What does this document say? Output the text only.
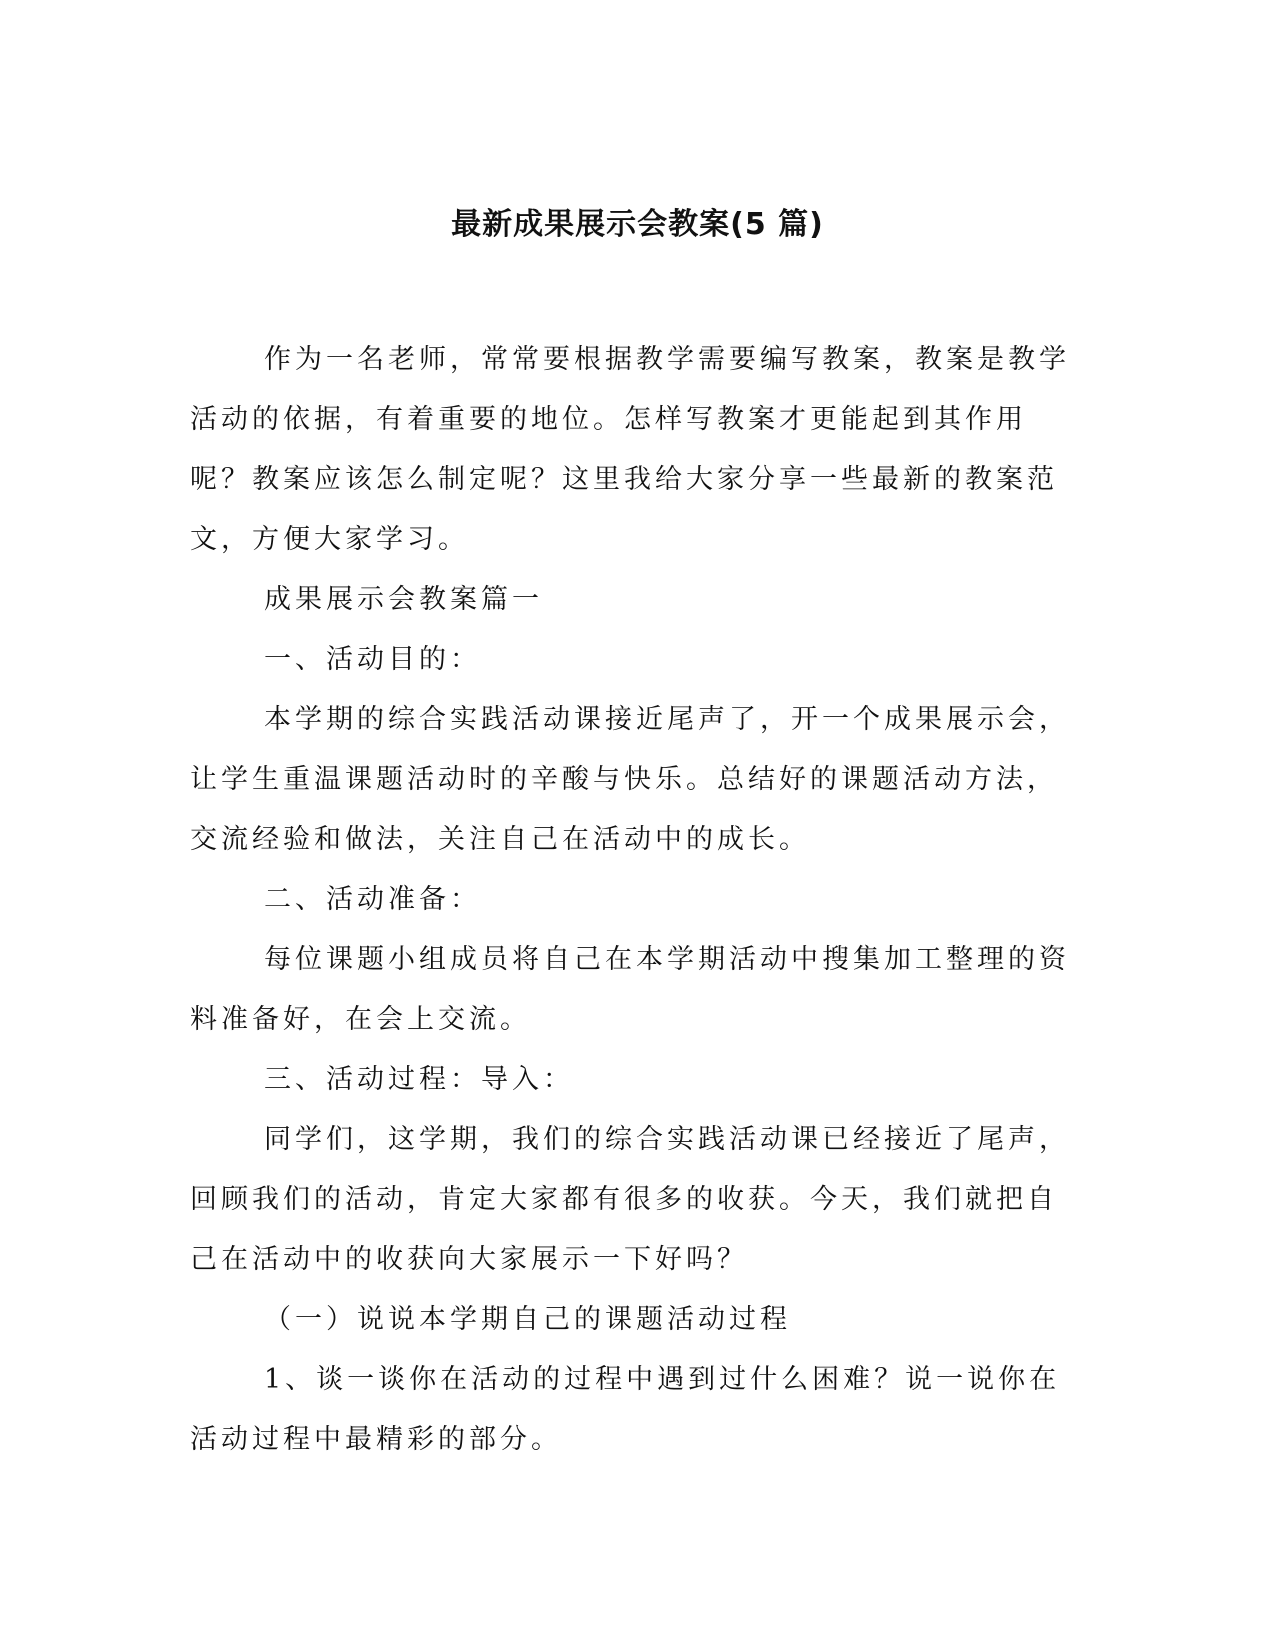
最新成果展示会教案(5 篇)

作为一名老师，常常要根据教学需要编写教案，教案是教学活动的依据，有着重要的地位。怎样写教案才更能起到其作用呢？教案应该怎么制定呢？这里我给大家分享一些最新的教案范文，方便大家学习。

成果展示会教案篇一

一、活动目的：

本学期的综合实践活动课接近尾声了，开一个成果展示会，让学生重温课题活动时的辛酸与快乐。总结好的课题活动方法，交流经验和做法，关注自己在活动中的成长。

二、活动准备：

每位课题小组成员将自己在本学期活动中搜集加工整理的资料准备好，在会上交流。

三、活动过程：导入：

同学们，这学期，我们的综合实践活动课已经接近了尾声，回顾我们的活动，肯定大家都有很多的收获。今天，我们就把自己在活动中的收获向大家展示一下好吗？

（一）说说本学期自己的课题活动过程

1、谈一谈你在活动的过程中遇到过什么困难？说一说你在活动过程中最精彩的部分。
